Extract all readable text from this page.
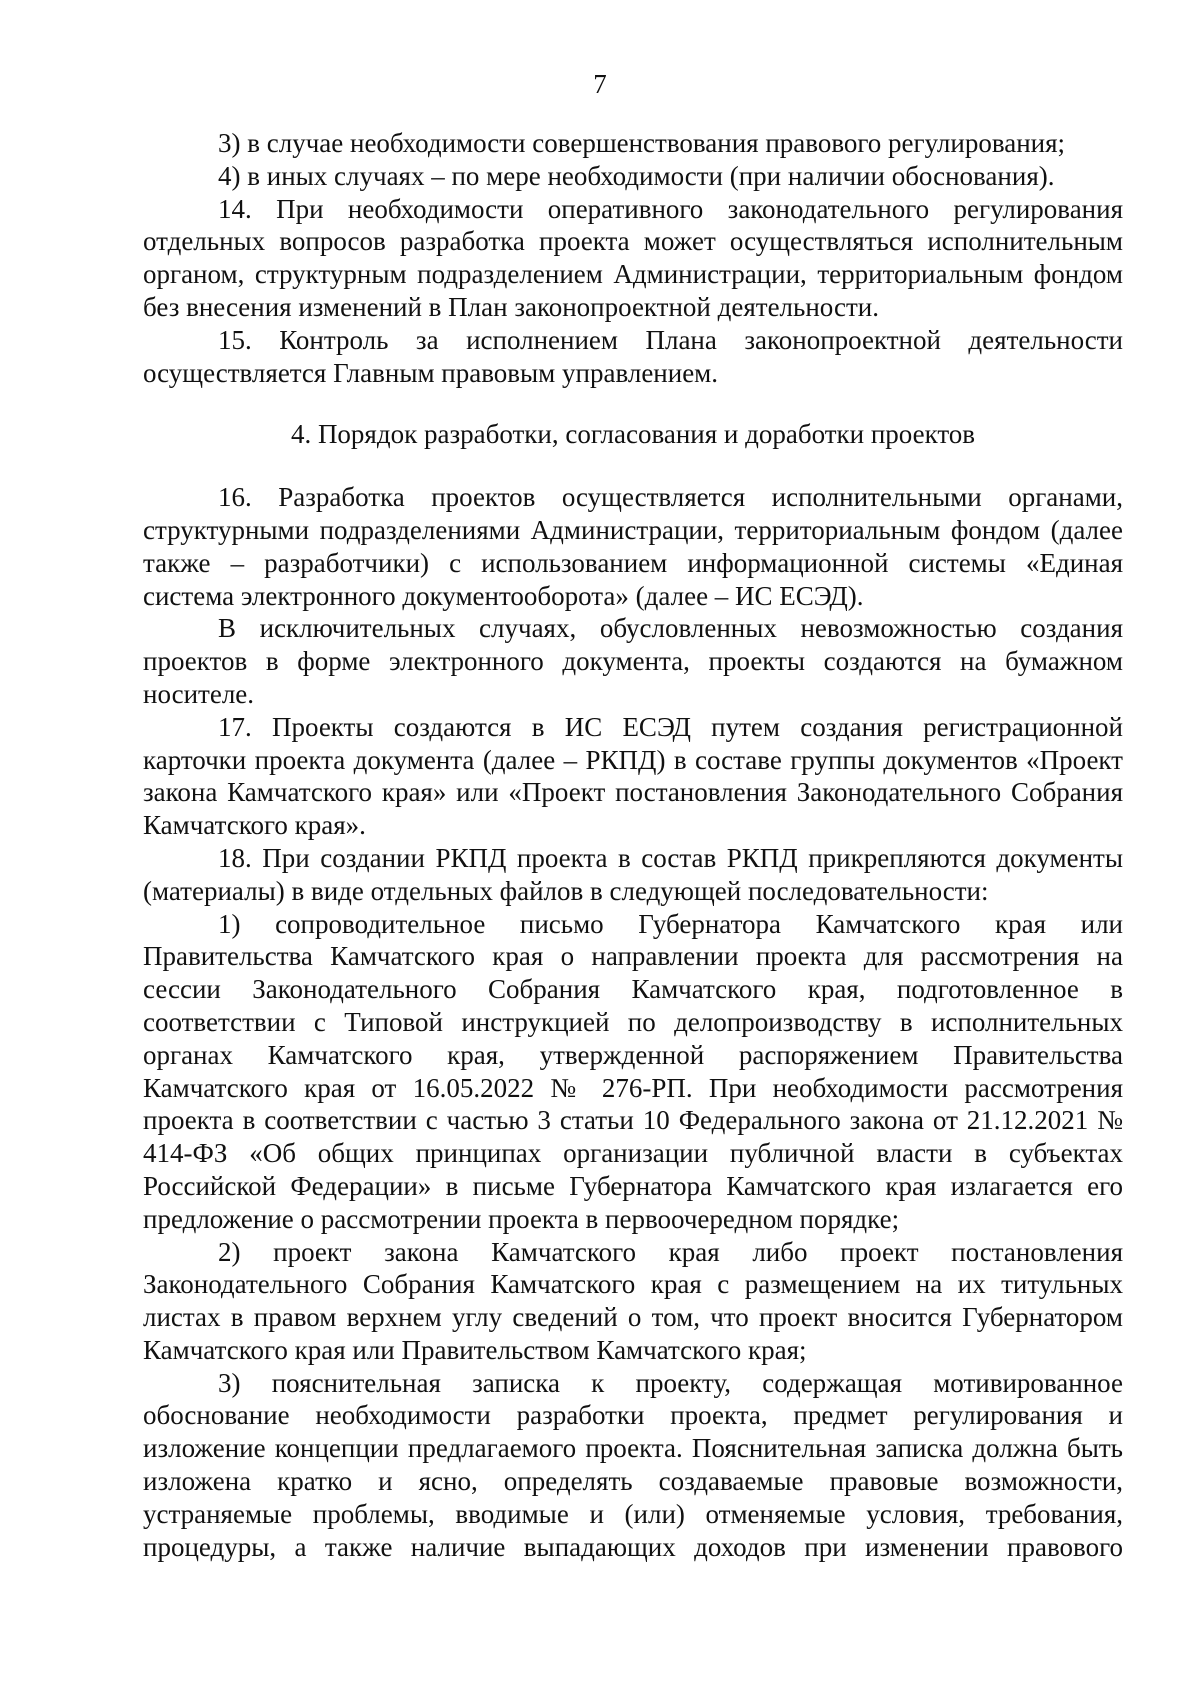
7

3) в случае необходимости совершенствования правового регулирования;

4) в иных случаях – по мере необходимости (при наличии обоснования).

14. При необходимости оперативного законодательного регулирования отдельных вопросов разработка проекта может осуществляться исполнительным органом, структурным подразделением Администрации, территориальным фондом без внесения изменений в План законопроектной деятельности.

15. Контроль за исполнением Плана законопроектной деятельности осуществляется Главным правовым управлением.

4. Порядок разработки, согласования и доработки проектов

16. Разработка проектов осуществляется исполнительными органами, структурными подразделениями Администрации, территориальным фондом (далее также – разработчики) с использованием информационной системы «Единая система электронного документооборота» (далее – ИС ЕСЭД).

В исключительных случаях, обусловленных невозможностью создания проектов в форме электронного документа, проекты создаются на бумажном носителе.

17. Проекты создаются в ИС ЕСЭД путем создания регистрационной карточки проекта документа (далее – РКПД) в составе группы документов «Проект закона Камчатского края» или «Проект постановления Законодательного Собрания Камчатского края».

18. При создании РКПД проекта в состав РКПД прикрепляются документы (материалы) в виде отдельных файлов в следующей последовательности:

1) сопроводительное письмо Губернатора Камчатского края или Правительства Камчатского края о направлении проекта для рассмотрения на сессии Законодательного Собрания Камчатского края, подготовленное в соответствии с Типовой инструкцией по делопроизводству в исполнительных органах Камчатского края, утвержденной распоряжением Правительства Камчатского края от 16.05.2022 № 276-РП. При необходимости рассмотрения проекта в соответствии с частью 3 статьи 10 Федерального закона от 21.12.2021 № 414-ФЗ «Об общих принципах организации публичной власти в субъектах Российской Федерации» в письме Губернатора Камчатского края излагается его предложение о рассмотрении проекта в первоочередном порядке;

2) проект закона Камчатского края либо проект постановления Законодательного Собрания Камчатского края с размещением на их титульных листах в правом верхнем углу сведений о том, что проект вносится Губернатором Камчатского края или Правительством Камчатского края;

3) пояснительная записка к проекту, содержащая мотивированное обоснование необходимости разработки проекта, предмет регулирования и изложение концепции предлагаемого проекта. Пояснительная записка должна быть изложена кратко и ясно, определять создаваемые правовые возможности, устраняемые проблемы, вводимые и (или) отменяемые условия, требования, процедуры, а также наличие выпадающих доходов при изменении правового
